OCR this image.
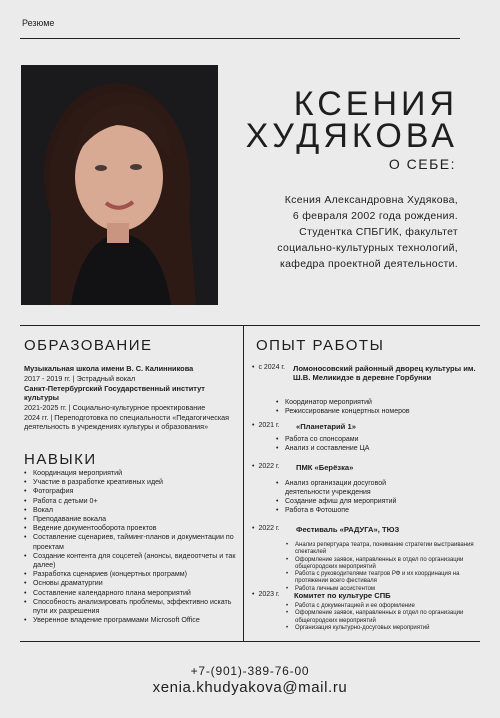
Резюме
КСЕНИЯ
ХУДЯКОВА
О СЕБЕ:
Ксения Александровна Худякова,
6 февраля 2002 года рождения.
Студентка СПБГИК, факультет
социально-культурных технологий,
кафедра проектной деятельности.
ОБРАЗОВАНИЕ
Музыкальная школа имени В. С. Калинникова
2017 - 2019 гг. | Эстрадный вокал
Санкт-Петербургский Государственный институт культуры
2021-2025 гг. | Социально-культурное проектирование
2024 гг. | Переподготовка по специальности «Педагогическая деятельность в учреждениях культуры и образования»
НАВЫКИ
• Координация мероприятий
• Участие в разработке креативных идей
• Фотография
• Работа с детьми 0+
• Вокал
• Преподавание вокала
• Ведение документооборота проектов
• Составление сценариев, тайминг-планов и документации по проектам
• Создание контента для соцсетей (анонсы, видеоотчеты и так далее)
• Разработка сценариев (концертных программ)
• Основы драматургии
• Составление календарного плана мероприятий
• Способность анализировать проблемы, эффективно искать пути их разрешения
• Уверенное владение программами Microsoft Office
ОПЫТ РАБОТЫ
• с 2024 г. Ломоносовский районный дворец культуры им. Ш.В. Меликидзе в деревне Горбунки
• Координатор мероприятий
• Режиссирование концертных номеров
• 2021 г. «Планетарий 1»
• Работа со спонсорами
• Анализ и составление ЦА
• 2022 г. ПМК «Берёзка»
• Анализ организации досуговой деятельности учреждения
• Создание афиш для мероприятий
• Работа в Фотошопе
• 2022 г. Фестиваль «РАДУГА», ТЮЗ
• Анализ репертуара театра, понимание стратегии выстраивания спектаклей
• Оформление заявок, направленных в отдел по организации общегородских мероприятий
• Работа с руководителями театров РФ и их координация на протяжении всего фестиваля
• Работа личным ассистентом
• 2023 г. Комитет по культуре СПБ
• Работа с документацией и ее оформление
• Оформление заявок, направленных в отдел по организации общегородских мероприятий
• Организация культурно-досуговых мероприятий
+7-(901)-389-76-00
xenia.khudyakova@mail.ru
